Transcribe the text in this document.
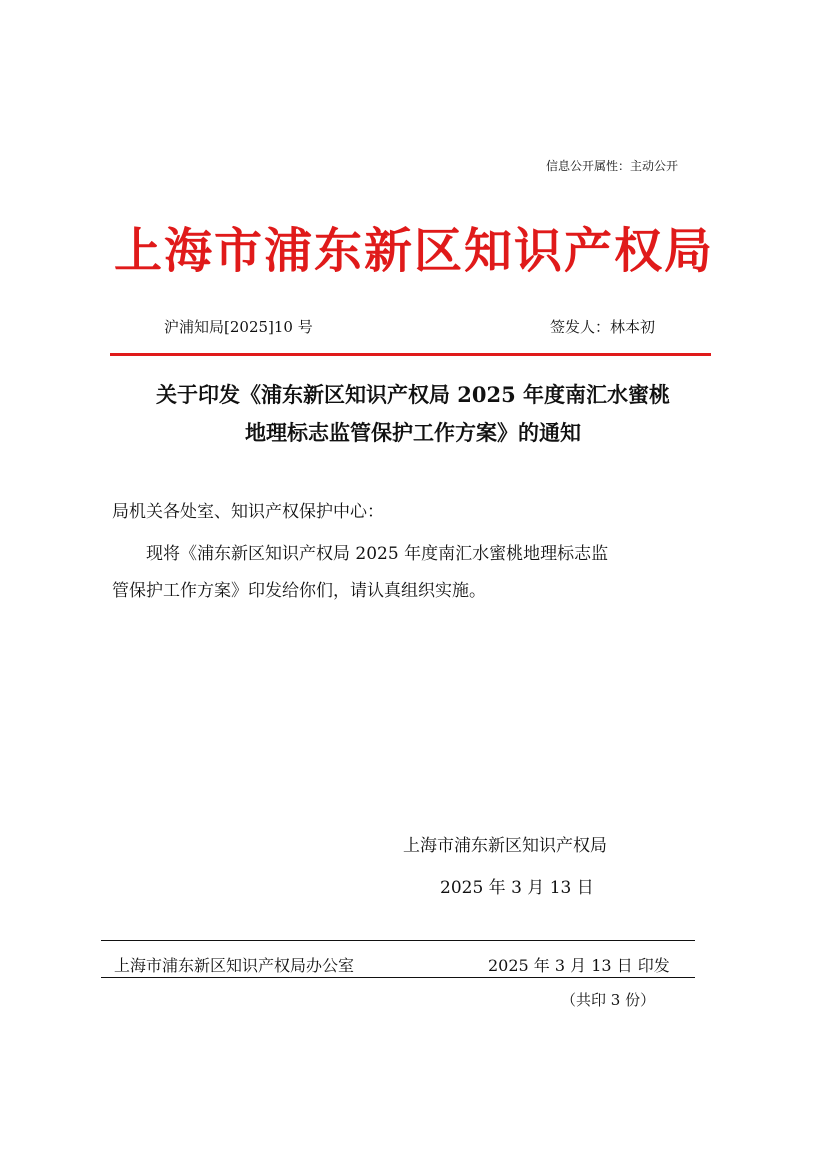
信息公开属性：主动公开
上海市浦东新区知识产权局
沪浦知局[2025]10 号	签发人：林本初
关于印发《浦东新区知识产权局 2025 年度南汇水蜜桃
地理标志监管保护工作方案》的通知
局机关各处室、知识产权保护中心：
现将《浦东新区知识产权局 2025 年度南汇水蜜桃地理标志监
管保护工作方案》印发给你们，请认真组织实施。
上海市浦东新区知识产权局
2025 年 3 月 13 日
上海市浦东新区知识产权局办公室	2025 年 3 月 13 日 印发
（共印 3 份）
